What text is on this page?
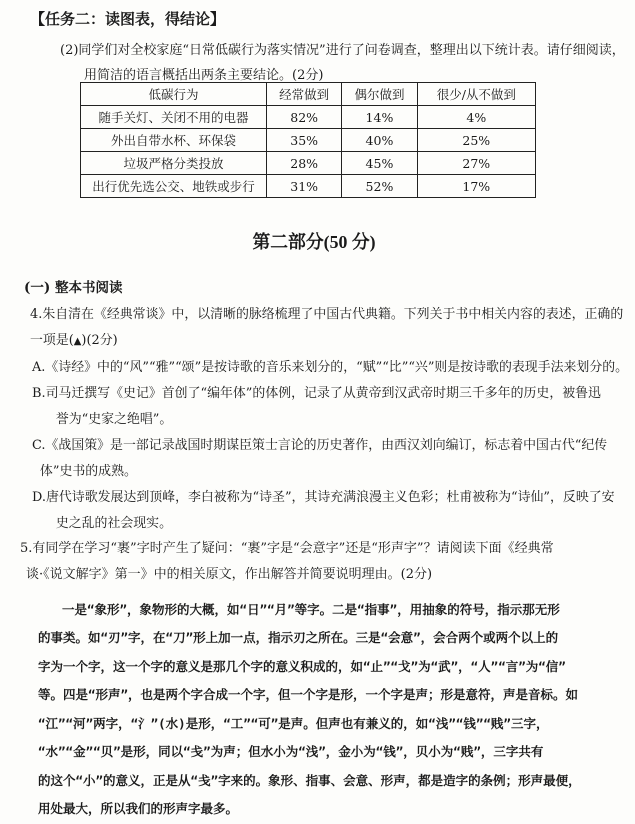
【任务二：读图表，得结论】
(2)同学们对全校家庭“日常低碳行为落实情况”进行了问卷调查，整理出以下统计表。请仔细阅读，
用简洁的语言概括出两条主要结论。(2分)
低碳行为	经常做到	偶尔做到	很少/从不做到
随手关灯、关闭不用的电器	82%	14%	4%
外出自带水杯、环保袋	35%	40%	25%
垃圾严格分类投放	28%	45%	27%
出行优先选公交、地铁或步行	31%	52%	17%
第二部分(50 分)
(一) 整本书阅读
4.朱自清在《经典常谈》中，以清晰的脉络梳理了中国古代典籍。下列关于书中相关内容的表述，正确的
一项是(▲)(2分)
A.《诗经》中的“风”“雅”“颂”是按诗歌的音乐来划分的，“赋”“比”“兴”则是按诗歌的表现手法来划分的。
B.司马迁撰写《史记》首创了“编年体”的体例，记录了从黄帝到汉武帝时期三千多年的历史，被鲁迅
誉为“史家之绝唱”。
C.《战国策》是一部记录战国时期谋臣策士言论的历史著作，由西汉刘向编订，标志着中国古代“纪传
体”史书的成熟。
D.唐代诗歌发展达到顶峰，李白被称为“诗圣”，其诗充满浪漫主义色彩；杜甫被称为“诗仙”，反映了安
史之乱的社会现实。
5.有同学在学习“裹”字时产生了疑问：“裹”字是“会意字”还是“形声字”？请阅读下面《经典常
谈·《说文解字》第一》中的相关原文，作出解答并简要说明理由。(2分)
一是“象形”，象物形的大概，如“日”“月”等字。二是“指事”，用抽象的符号，指示那无形
的事类。如“刃”字，在“刀”形上加一点，指示刃之所在。三是“会意”，会合两个或两个以上的
字为一个字，这一个字的意义是那几个字的意义积成的，如“止”“戈”为“武”，“人”“言”为“信”
等。四是“形声”，也是两个字合成一个字，但一个字是形，一个字是声；形是意符，声是音标。如
“江”“河”两字，“氵”(水)是形，“工”“可”是声。但声也有兼义的，如“浅”“钱”“贱”三字，
“水”“金”“贝”是形，同以“戋”为声；但水小为“浅”，金小为“钱”，贝小为“贱”，三字共有
的这个“小”的意义，正是从“戋”字来的。象形、指事、会意、形声，都是造字的条例；形声最便，
用处最大，所以我们的形声字最多。
